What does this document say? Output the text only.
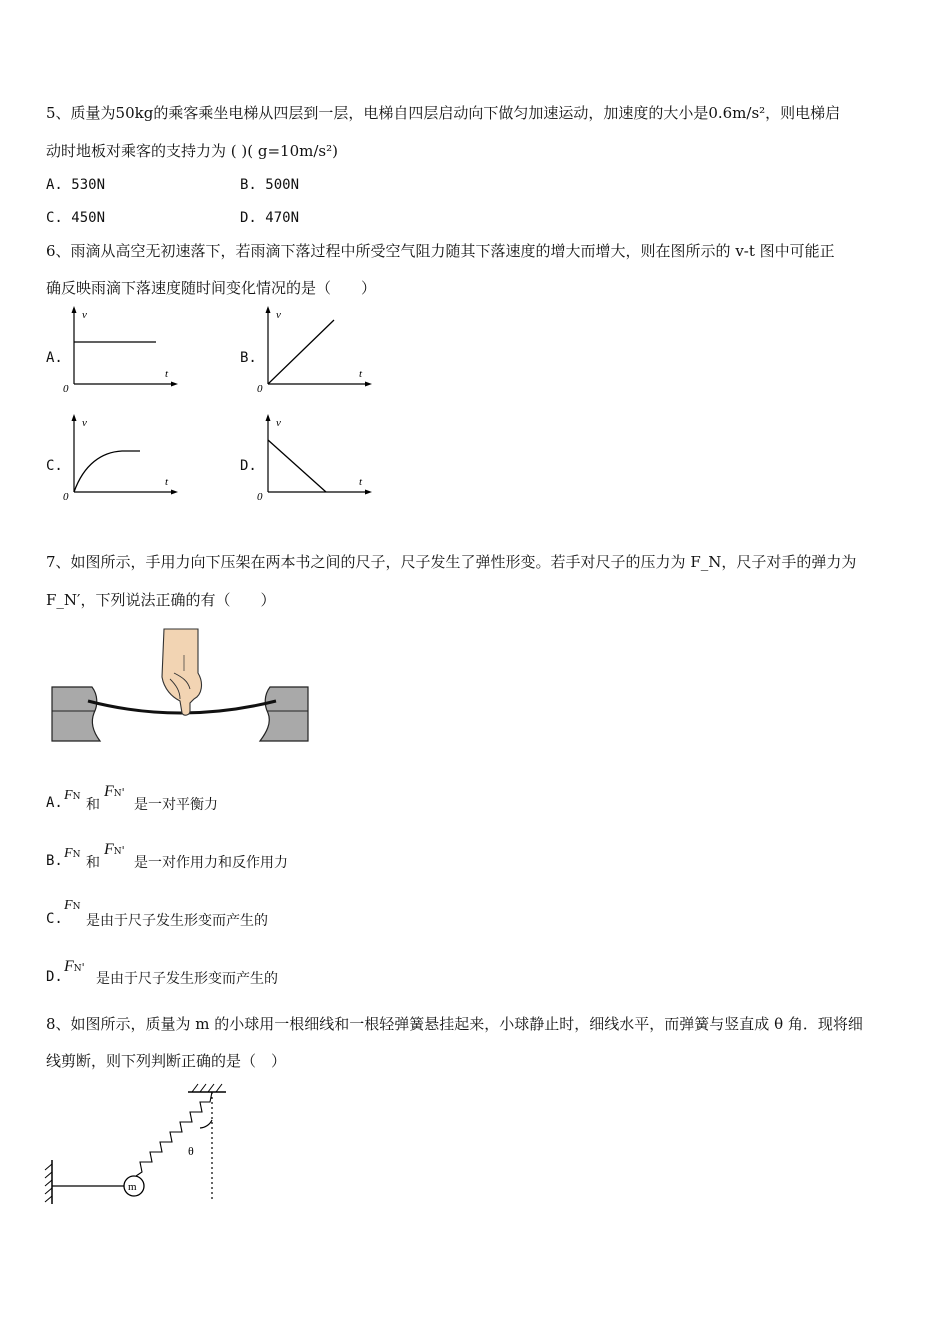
5、质量为50kg的乘客乘坐电梯从四层到一层，电梯自四层启动向下做匀加速运动，加速度的大小是0.6m/s²，则电梯启
动时地板对乘客的支持力为 ( )( g=10m/s²)
A. 530N	B. 500N
C. 450N	D. 470N
6、雨滴从高空无初速落下，若雨滴下落过程中所受空气阻力随其下落速度的增大而增大，则在图所示的 v-t 图中可能正
确反映雨滴下落速度随时间变化情况的是（　　）
A.
v
t
0
B.
v
t
0
C.
v
t
0
D.
v
t
0
7、如图所示，手用力向下压架在两本书之间的尺子，尺子发生了弹性形变。若手对尺子的压力为 F_N，尺子对手的弹力为
F_N′，下列说法正确的有（　　）
A. FN 和
FN'
是一对平衡力
B. FN 和
FN'
是一对作用力和反作用力
C.
FN
是由于尺子发生形变而产生的
D.
FN'
是由于尺子发生形变而产生的
8、如图所示，质量为 m 的小球用一根细线和一根轻弹簧悬挂起来，小球静止时，细线水平，而弹簧与竖直成 θ 角．现将细
线剪断，则下列判断正确的是（　）
m
θ
